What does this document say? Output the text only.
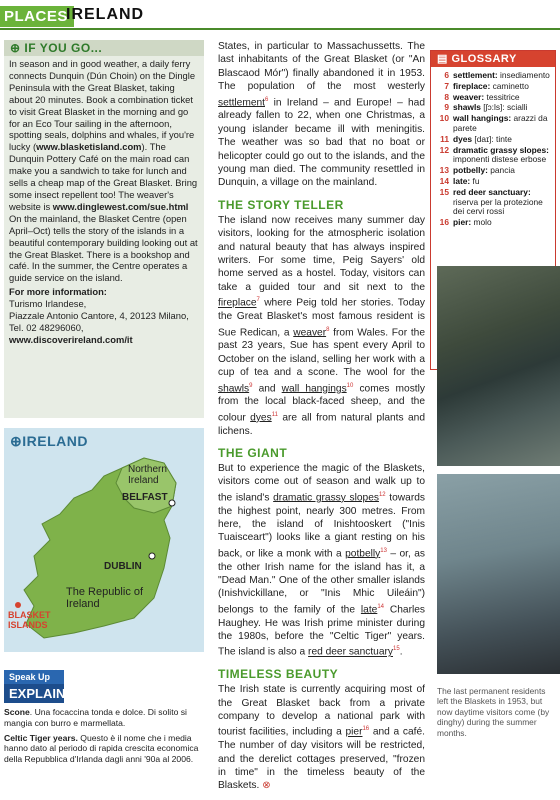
PLACES
IRELAND
⊕ IF YOU GO...

In season and in good weather, a daily ferry connects Dunquin (Dún Choin) on the Dingle Peninsula with the Great Blasket, taking about 20 minutes. Book a combination ticket to visit Great Blasket in the morning and go for an Eco Tour sailing in the afternoon, spotting seals, dolphins and whales, if you're lucky (www.blasketisland.com). The Dunquin Pottery Café on the main road can make you a sandwich to take for lunch and sells a cheap map of the Great Blasket. Bring some insect repellent too! The weaver's website is www.dinglewest.com/sue.html On the mainland, the Blasket Centre (open April–Oct) tells the story of the islands in a beautiful contemporary building looking out at the Great Blasket. There is a bookshop and café. In the summer, the Centre operates a guide service on the island.

For more information:
Turismo Irlandese,
Piazzale Antonio Cantore, 4, 20123 Milano, Tel. 02 48296060,
www.discoverireland.com/it

⊕IRELAND
Northern Ireland
BELFAST
DUBLIN
The Republic of Ireland
BLASKET ISLANDS
Speak Up
EXPLAINS

Scone. Una focaccina tonda e dolce. Di solito si mangia con burro e marmellata.

Celtic Tiger years. Questo è il nome che i media hanno dato al periodo di rapida crescita economica della Repubblica d'Irlanda dagli anni '90a al 2006.

States, in particular to Massachussetts. The last inhabitants of the Great Blasket (or "An Blascaod Mór") finally abandoned it in 1953. The population of the most westerly settlement$^6$ in Ireland – and Europe! – had already fallen to 22, when one Christmas, a young islander became ill with meningitis. The weather was so bad that no boat or helicopter could go out to the islands, and the young man died. The community resettled in Dunquin, a village on the mainland.

THE STORY TELLER

The island now receives many summer day visitors, looking for the atmospheric isolation and natural beauty that has always inspired writers. For some time, Peig Sayers' old home served as a hostel. Today, visitors can take a guided tour and sit next to the fireplace$^7$ where Peig told her stories. Today the Great Blasket's most famous resident is Sue Redican, a weaver$^8$ from Wales. For the past 23 years, Sue has spent every April to October on the island, selling her work with a cup of tea and a scone. The wool for the shawls$^9$ and wall hangings$^{10}$ comes mostly from the local black-faced sheep, and the colour dyes$^{11}$ are all from natural plants and lichens.

THE GIANT

But to experience the magic of the Blaskets, visitors come out of season and walk up to the island's dramatic grassy slopes$^{12}$ towards the highest point, nearly 300 metres. From here, the island of Inishtooskert ("Inis Tuaisceart") looks like a giant resting on his back, or like a monk with a potbelly$^{13}$ – or, as the other Irish name for the island has it, a "Dead Man." One of the other smaller islands (Inishvickillane, or "Inis Mhic Uileáin") belongs to the family of the late$^{14}$ Charles Haughey. He was Irish prime minister during the 1980s, before the "Celtic Tiger" years. The island is also a red deer sanctuary$^{15}$.

TIMELESS BEAUTY

The Irish state is currently acquiring most of the Great Blasket back from a private company to develop a national park with tourist facilities, including a pier$^{16}$ and a café. The number of day visitors will be restricted, and the derelict cottages preserved, "frozen in time" in the timeless beauty of the Blaskets. ⊗

▤ GLOSSARY
6	settlement: insediamento
7	fireplace: caminetto
8	weaver: tessitrice
9	shawls [ʃɔ:ls]: scialli
10	wall hangings: arazzi da parete
11	dyes [daɪ]: tinte
12	dramatic grassy slopes: imponenti distese erbose
13	potbelly: pancia
14	late: fu
15	red deer sanctuary: riserva per la protezione dei cervi rossi
16	pier: molo
The last permanent residents left the Blaskets in 1953, but now daytime visitors come (by dinghy) during the summer months.
